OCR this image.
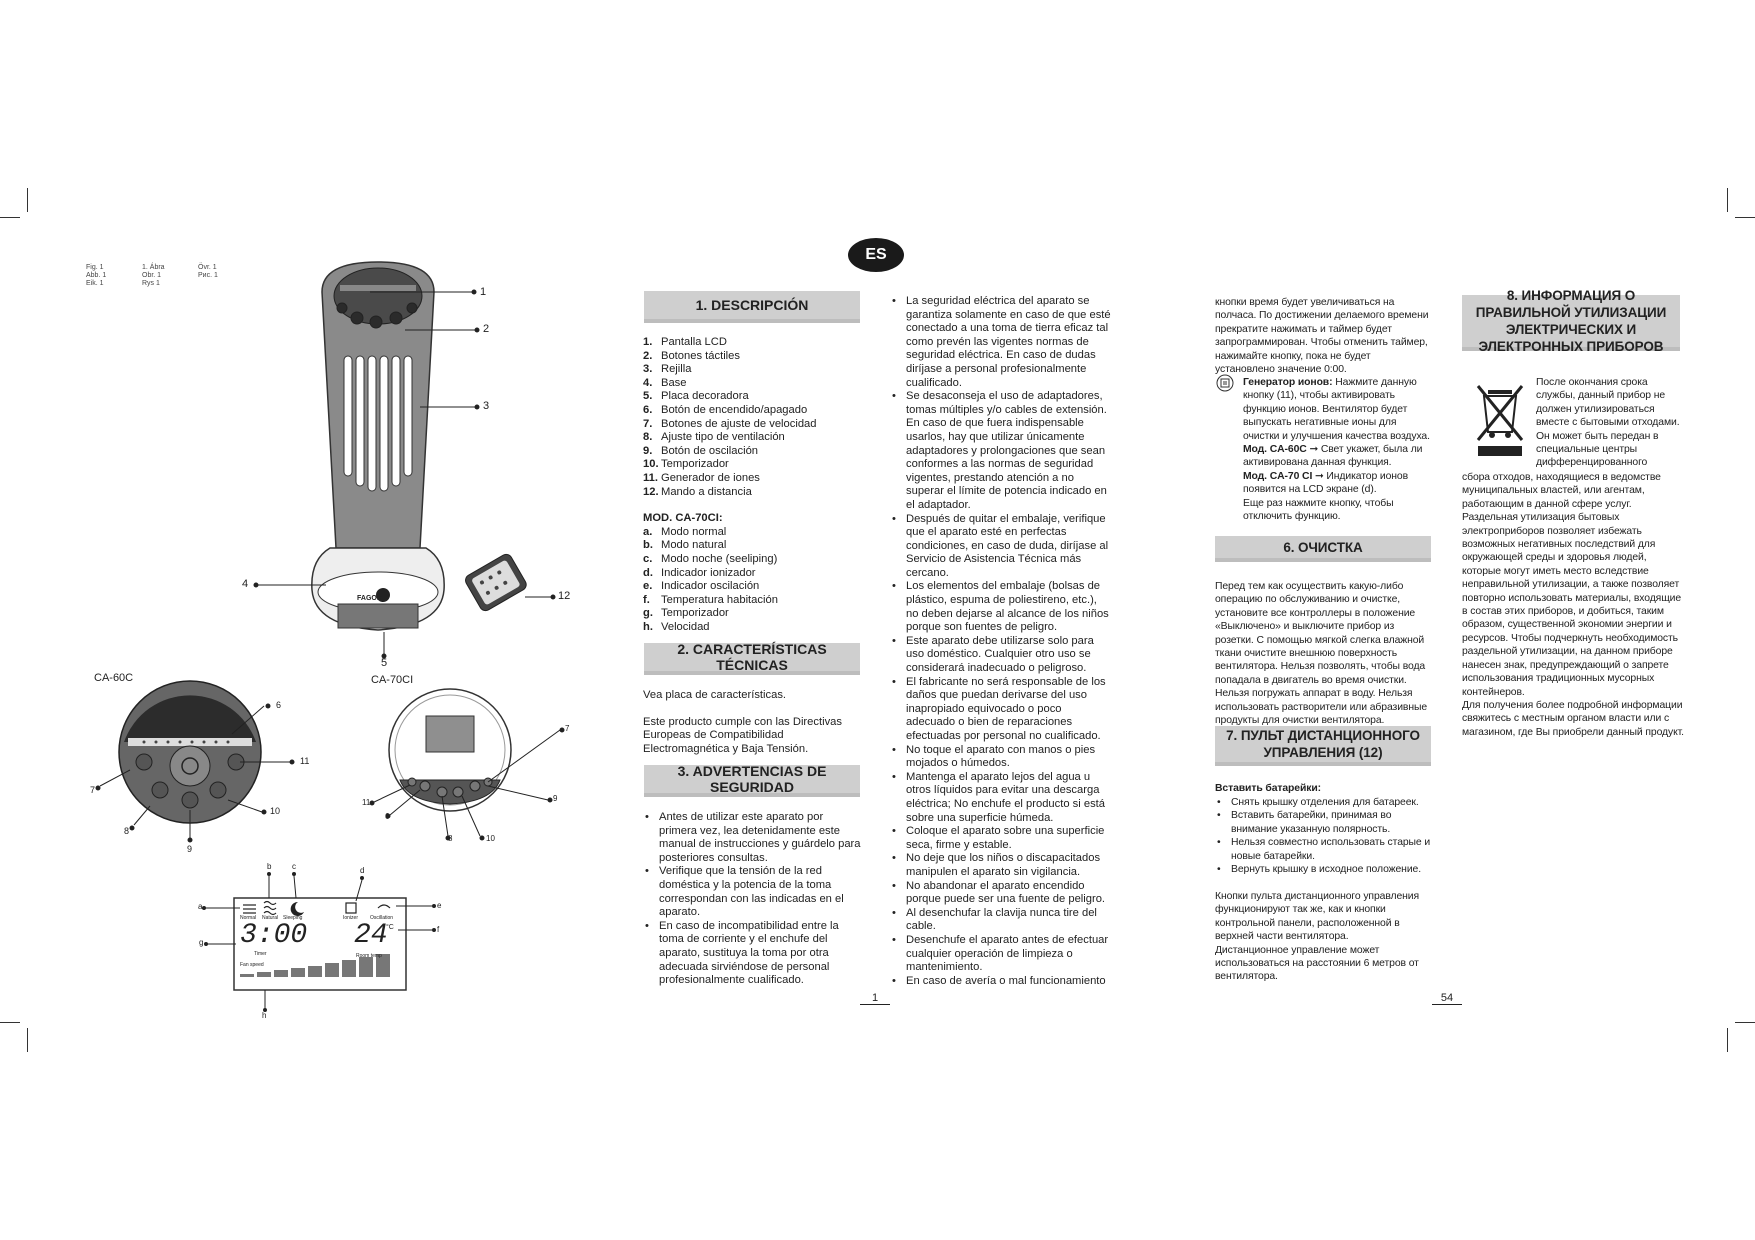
Fig. 1
Abb. 1
Eik. 1
1. Ábra
Obr. 1
Rys 1
Övr. 1
Рис. 1
ES
FAGOR
Normal Natural Sleeping	Ionizer Oscillation
3:00
Timer
24
°C
Fan speed
Room temp
1
2
3
4
5
12
CA-60C	CA-70CI
6
7
8
9
10
11
6
7
8
9
10
11
a
b	c	d
e
f
g
h
1. DESCRIPCIÓN
1. Pantalla LCD
2. Botones táctiles
3. Rejilla
4. Base
5. Placa decoradora
6. Botón de encendido/apagado
7. Botones de ajuste de velocidad
8. Ajuste tipo de ventilación
9. Botón de oscilación
10. Temporizador
11. Generador de iones
12. Mando a distancia
MOD. CA-70CI:
a. Modo normal
b. Modo natural
c. Modo noche (seeliping)
d. Indicador ionizador
e. Indicador oscilación
f. Temperatura habitación
g. Temporizador
h. Velocidad
2. CARACTERÍSTICAS TÉCNICAS
Vea placa de características.
Este producto cumple con las Directivas Europeas de Compatibilidad Electromagnética y Baja Tensión.
3. ADVERTENCIAS DE SEGURIDAD
• Antes de utilizar este aparato por primera vez, lea detenidamente este manual de instrucciones y guárdelo para posteriores consultas.
• Verifique que la tensión de la red doméstica y la potencia de la toma correspondan con las indicadas en el aparato.
• En caso de incompatibilidad entre la toma de corriente y el enchufe del aparato, sustituya la toma por otra adecuada sirviéndose de personal profesionalmente cualificado.
• La seguridad eléctrica del aparato se garantiza solamente en caso de que esté conectado a una toma de tierra eficaz tal como prevén las vigentes normas de seguridad eléctrica. En caso de dudas diríjase a personal profesionalmente cualificado.
• Se desaconseja el uso de adaptadores, tomas múltiples y/o cables de extensión. En caso de que fuera indispensable usarlos, hay que utilizar únicamente adaptadores y prolongaciones que sean conformes a las normas de seguridad vigentes, prestando atención a no superar el límite de potencia indicado en el adaptador.
• Después de quitar el embalaje, verifique que el aparato esté en perfectas condiciones, en caso de duda, diríjase al Servicio de Asistencia Técnica más cercano.
• Los elementos del embalaje (bolsas de plástico, espuma de poliestireno, etc.), no deben dejarse al alcance de los niños porque son fuentes de peligro.
• Este aparato debe utilizarse solo para uso doméstico. Cualquier otro uso se considerará inadecuado o peligroso.
• El fabricante no será responsable de los daños que puedan derivarse del uso inapropiado equivocado o poco adecuado o bien de reparaciones efectuadas por personal no cualificado.
• No toque el aparato con manos o pies mojados o húmedos.
• Mantenga el aparato lejos del agua u otros líquidos para evitar una descarga eléctrica; No enchufe el producto si está sobre una superficie húmeda.
• Coloque el aparato sobre una superficie seca, firme y estable.
• No deje que los niños o discapacitados manipulen el aparato sin vigilancia.
• No abandonar el aparato encendido porque puede ser una fuente de peligro.
• Al desenchufar la clavija nunca tire del cable.
• Desenchufe el aparato antes de efectuar cualquier operación de limpieza o mantenimiento.
• En caso de avería o mal funcionamiento
1
кнопки время будет увеличиваться на полчаса. По достижении делаемого времени прекратите нажимать и таймер будет запрограммирован. Чтобы отменить таймер, нажимайте кнопку, пока не будет установлено значение 0:00.
Генератор ионов: Нажмите данную кнопку (11), чтобы активировать функцию ионов. Вентилятор будет выпускать негативные ионы для очистки и улучшения качества воздуха.
Мод. CA-60C ➞ Свет укажет, была ли активирована данная функция.
Мод. CA-70 CI ➞ Индикатор ионов появится на LCD экране (d).
Еще раз нажмите кнопку, чтобы отключить функцию.
6. ОЧИСТКА
Перед тем как осуществить какую-либо операцию по обслуживанию и очистке, установите все контроллеры в положение «Выключено» и выключите прибор из розетки. С помощью мягкой слегка влажной ткани очистите внешнюю поверхность вентилятора. Нельзя позволять, чтобы вода попадала в двигатель во время очистки. Нельзя погружать аппарат в воду. Нельзя использовать растворители или абразивные продукты для очистки вентилятора.
7. ПУЛЬТ ДИСТАНЦИОННОГО УПРАВЛЕНИЯ (12)
Вставить батарейки:
• Снять крышку отделения для батареек.
• Вставить батарейки, принимая во внимание указанную полярность.
• Нельзя совместно использовать старые и новые батарейки.
• Вернуть крышку в исходное положение.
Кнопки пульта дистанционного управления функционируют так же, как и кнопки контрольной панели, расположенной в верхней части вентилятора.
Дистанционное управление может использоваться на расстоянии 6 метров от вентилятора.
8. ИНФОРМАЦИЯ О ПРАВИЛЬНОЙ УТИЛИЗАЦИИ ЭЛЕКТРИЧЕСКИХ И ЭЛЕКТРОННЫХ ПРИБОРОВ
После окончания срока службы, данный прибор не должен утилизироваться вместе с бытовыми отходами. Он может быть передан в специальные центры дифференцированного
сбора отходов, находящиеся в ведомстве муниципальных властей, или агентам, работающим в данной сфере услуг. Раздельная утилизация бытовых электроприборов позволяет избежать возможных негативных последствий для окружающей среды и здоровья людей, которые могут иметь место вследствие неправильной утилизации, а также позволяет повторно использовать материалы, входящие в состав этих приборов, и добиться, таким образом, существенной экономии энергии и ресурсов. Чтобы подчеркнуть необходимость раздельной утилизации, на данном приборе нанесен знак, предупреждающий о запрете использования традиционных мусорных контейнеров.
Для получения более подробной информации свяжитесь с местным органом власти или с магазином, где Вы приобрели данный продукт.
54
